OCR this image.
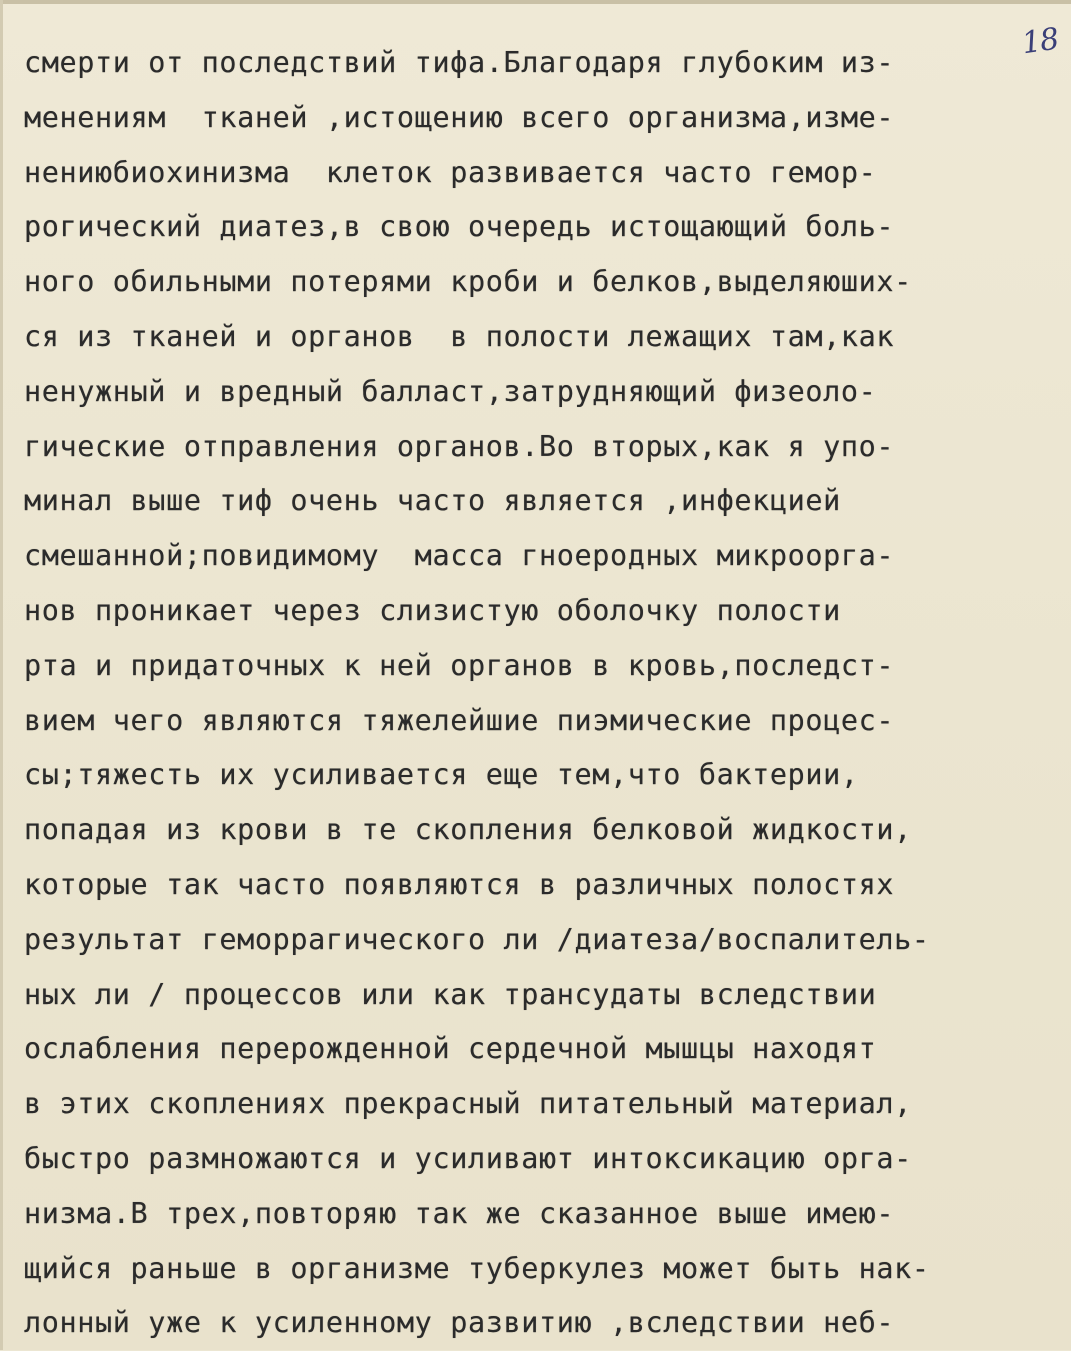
18
смерти от последствий тифа.Благодаря глубоким из-
менениям  тканей ,истощению всего организма,изме-
нениюбиохинизма  клеток развивается часто гемор-
рогический диатез,в свою очередь истощающий боль-
ного обильными потерями кроби и белков,выделяюших-
ся из тканей и органов  в полости лежащих там,как
ненужный и вредный балласт,затрудняющий физеоло-
гические отправления органов.Во вторых,как я упо-
минал выше тиф очень часто является ,инфекцией
смешанной;повидимому  масса гноеродных микроорга-
нов проникает через слизистую оболочку полости
рта и придаточных к ней органов в кровь,последст-
вием чего являются тяжелейшие пиэмические процес-
сы;тяжесть их усиливается еще тем,что бактерии,
попадая из крови в те скопления белковой жидкости,
которые так часто появляются в различных полостях
результат геморрагического ли /диатеза/воспалитель-
ных ли / процессов или как трансудаты вследствии
ослабления перерожденной сердечной мышцы находят
в этих скоплениях прекрасный питательный материал,
быстро размножаются и усиливают интоксикацию орга-
низма.В трех,повторяю так же сказанное выше имею-
щийся раньше в организме туберкулез может быть нак-
лонный уже к усиленному развитию ,вследствии неб-
